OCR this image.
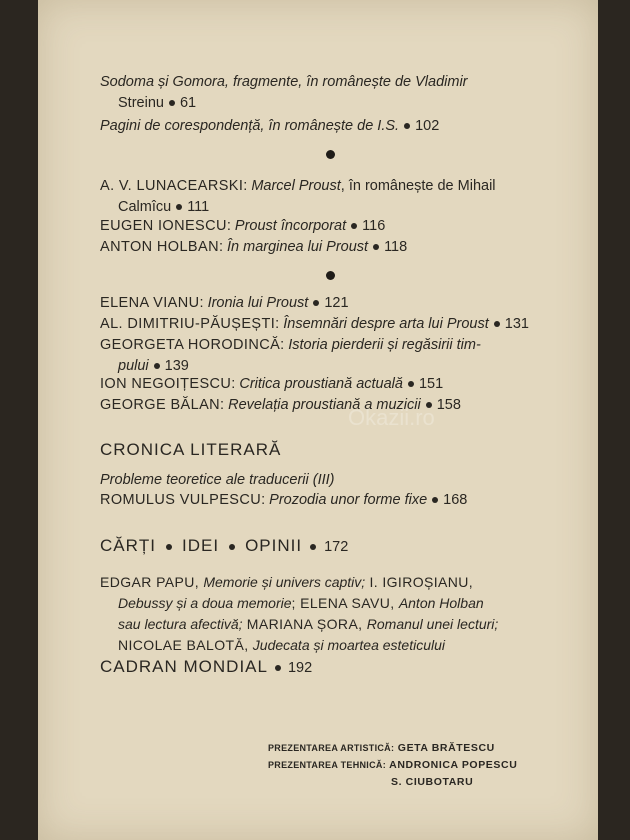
Sodoma și Gomora, fragmente, în românește de Vladimir
Streinu 61
Pagini de corespondență, în românește de I.S. 102
A. V. LUNACEARSKI: Marcel Proust, în românește de Mihail
Calmîcu 111
EUGEN IONESCU: Proust încorporat 116
ANTON HOLBAN: În marginea lui Proust 118
ELENA VIANU: Ironia lui Proust 121
AL. DIMITRIU-PĂUȘEȘTI: Însemnări despre arta lui Proust 131
GEORGETA HORODINCĂ: Istoria pierderii și regăsirii tim-
pului 139
ION NEGOIȚESCU: Critica proustiană actuală 151
GEORGE BĂLAN: Revelația proustiană a muzicii 158
Okazii.ro
CRONICA LITERARĂ
Probleme teoretice ale traducerii (III)
ROMULUS VULPESCU: Prozodia unor forme fixe 168
CĂRȚI IDEI OPINII 172
EDGAR PAPU, Memorie și univers captiv; I. IGIROȘIANU,
Debussy și a doua memorie; ELENA SAVU, Anton Holban
sau lectura afectivă; MARIANA ȘORA, Romanul unei lecturi;
NICOLAE BALOTĂ, Judecata și moartea esteticului
CADRAN MONDIAL 192
PREZENTAREA ARTISTICĂ: GETA BRĂTESCU
PREZENTAREA TEHNICĂ: ANDRONICA POPESCU
S. CIUBOTARU
